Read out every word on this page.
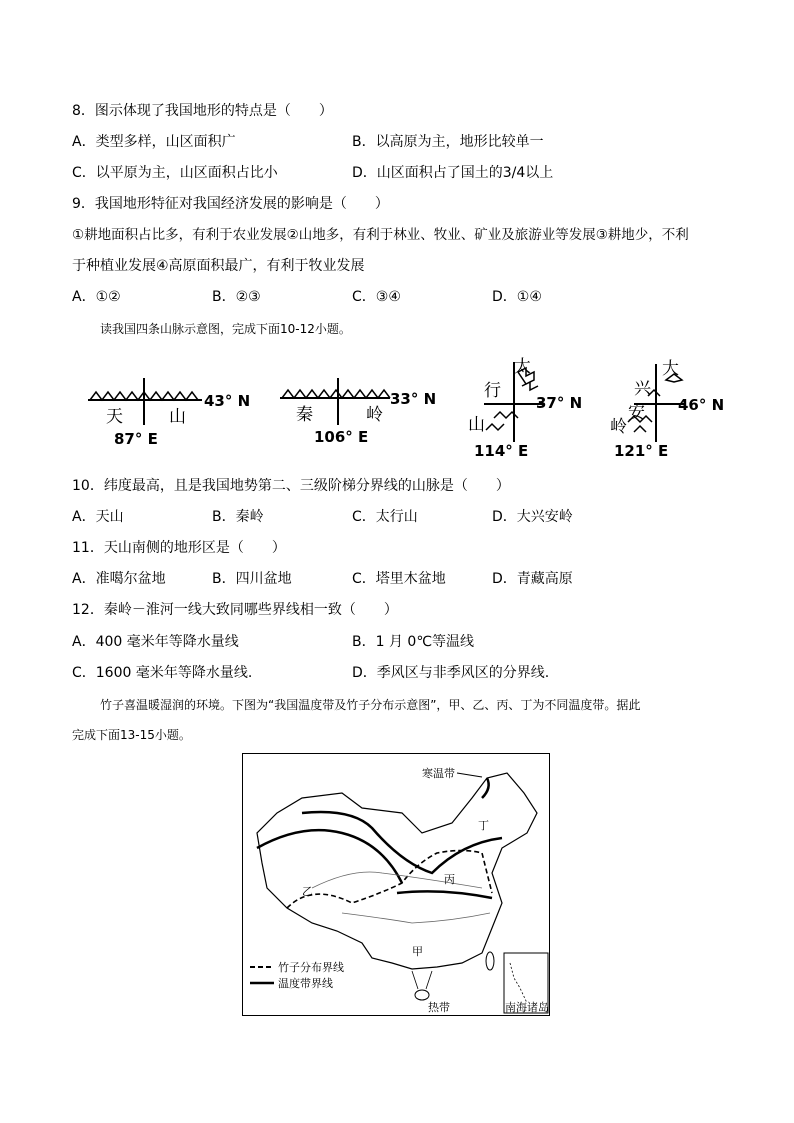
8．图示体现了我国地形的特点是（　　）
A．类型多样，山区面积广	B．以高原为主，地形比较单一
C．以平原为主，山区面积占比小	D．山区面积占了国土的3/4以上
9．我国地形特征对我国经济发展的影响是（　　）
①耕地面积占比多，有利于农业发展②山地多，有利于林业、牧业、矿业及旅游业等发展③耕地少，不利
于种植业发展④高原面积最广，有利于牧业发展
A．①②	B．②③	C．③④	D．①④
读我国四条山脉示意图，完成下面10-12小题。
天	山
43° N
87° E
秦	岭
33° N
106° E
太
行
山
37° N
114° E
大
兴
安
岭
46° N
121° E
10．纬度最高，且是我国地势第二、三级阶梯分界线的山脉是（　　）
A．天山	B．秦岭	C．太行山	D．大兴安岭
11．天山南侧的地形区是（　　）
A．准噶尔盆地	B．四川盆地	C．塔里木盆地	D．青藏高原
12．秦岭－淮河一线大致同哪些界线相一致（　　）
A．400 毫米年等降水量线	B．1 月 0℃等温线
C．1600 毫米年等降水量线.	D．季风区与非季风区的分界线.
竹子喜温暖湿润的环境。下图为“我国温度带及竹子分布示意图”，甲、乙、丙、丁为不同温度带。据此
完成下面13-15小题。
寒温带
丁
丙
乙
甲
竹子分布界线
温度带界线
热带	南海诸岛
